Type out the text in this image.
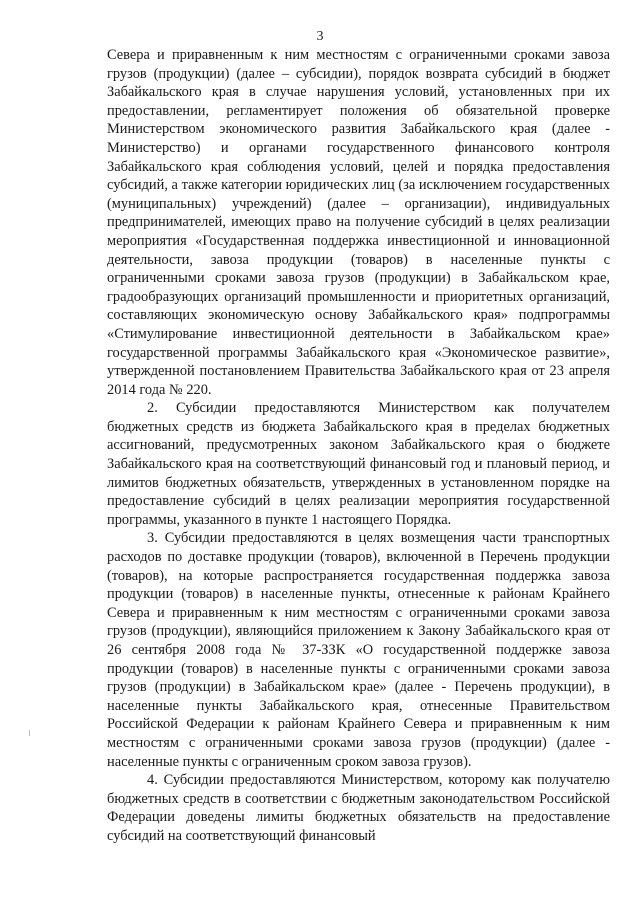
3

Севера и приравненным к ним местностям с ограниченными сроками завоза грузов (продукции) (далее – субсидии), порядок возврата субсидий в бюджет Забайкальского края в случае нарушения условий, установленных при их предоставлении, регламентирует положения об обязательной проверке Министерством экономического развития Забайкальского края (далее - Министерство) и органами государственного финансового контроля Забайкальского края соблюдения условий, целей и порядка предоставления субсидий, а также категории юридических лиц (за исключением государственных (муниципальных) учреждений) (далее – организации), индивидуальных предпринимателей, имеющих право на получение субсидий в целях реализации мероприятия «Государственная поддержка инвестиционной и инновационной деятельности, завоза продукции (товаров) в населенные пункты с ограниченными сроками завоза грузов (продукции) в Забайкальском крае, градообразующих организаций промышленности и приоритетных организаций, составляющих экономическую основу Забайкальского края» подпрограммы «Стимулирование инвестиционной деятельности в Забайкальском крае» государственной программы Забайкальского края «Экономическое развитие», утвержденной постановлением Правительства Забайкальского края от 23 апреля 2014 года № 220.

2. Субсидии предоставляются Министерством как получателем бюджетных средств из бюджета Забайкальского края в пределах бюджетных ассигнований, предусмотренных законом Забайкальского края о бюджете Забайкальского края на соответствующий финансовый год и плановый период, и лимитов бюджетных обязательств, утвержденных в установленном порядке на предоставление субсидий в целях реализации мероприятия государственной программы, указанного в пункте 1 настоящего Порядка.

3. Субсидии предоставляются в целях возмещения части транспортных расходов по доставке продукции (товаров), включенной в Перечень продукции (товаров), на которые распространяется государственная поддержка завоза продукции (товаров) в населенные пункты, отнесенные к районам Крайнего Севера и приравненным к ним местностям с ограниченными сроками завоза грузов (продукции), являющийся приложением к Закону Забайкальского края от 26 сентября 2008 года № 37-ЗЗК «О государственной поддержке завоза продукции (товаров) в населенные пункты с ограниченными сроками завоза грузов (продукции) в Забайкальском крае» (далее - Перечень продукции), в населенные пункты Забайкальского края, отнесенные Правительством Российской Федерации к районам Крайнего Севера и приравненным к ним местностям с ограниченными сроками завоза грузов (продукции) (далее - населенные пункты с ограниченным сроком завоза грузов).

4. Субсидии предоставляются Министерством, которому как получателю бюджетных средств в соответствии с бюджетным законодательством Российской Федерации доведены лимиты бюджетных обязательств на предоставление субсидий на соответствующий финансовый
